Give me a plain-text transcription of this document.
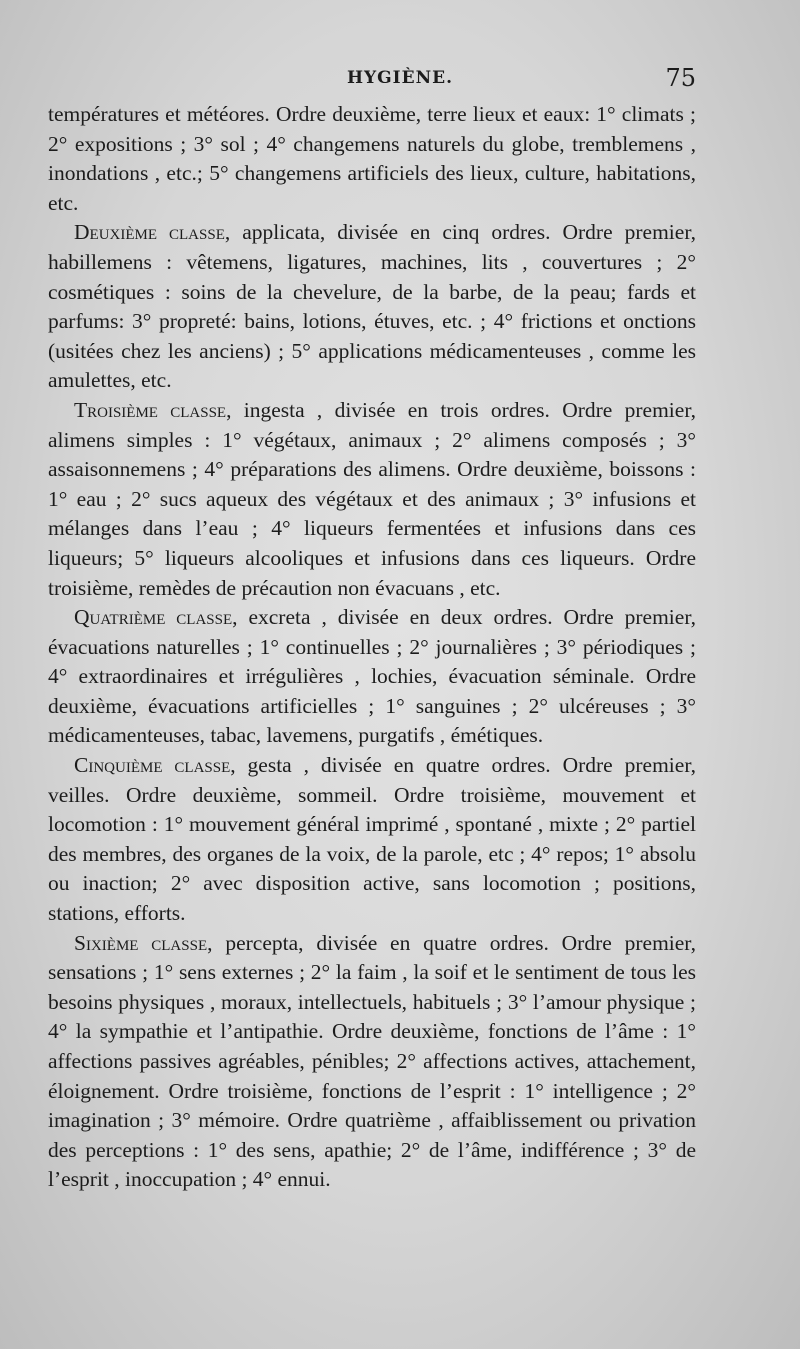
HYGIÈNE.	75

températures et météores. Ordre deuxième, terre lieux et eaux: 1° climats ; 2° expositions ; 3° sol ; 4° changemens naturels du globe, tremblemens , inondations , etc.; 5° changemens artificiels des lieux, culture, habitations, etc.

Deuxième classe, applicata, divisée en cinq ordres. Ordre premier, habillemens : vêtemens, ligatures, machines, lits , couvertures ; 2° cosmétiques : soins de la chevelure, de la barbe, de la peau; fards et parfums: 3° propreté: bains, lotions, étuves, etc. ; 4° frictions et onctions (usitées chez les anciens) ; 5° applications médicamenteuses , comme les amulettes, etc.

Troisième classe, ingesta , divisée en trois ordres. Ordre premier, alimens simples : 1° végétaux, animaux ; 2° alimens composés ; 3° assaisonnemens ; 4° préparations des alimens. Ordre deuxième, boissons : 1° eau ; 2° sucs aqueux des végétaux et des animaux ; 3° infusions et mélanges dans l’eau ; 4° liqueurs fermentées et infusions dans ces liqueurs; 5° liqueurs alcooliques et infusions dans ces liqueurs. Ordre troisième, remèdes de précaution non évacuans , etc.

Quatrième classe, excreta , divisée en deux ordres. Ordre premier, évacuations naturelles ; 1° continuelles ; 2° journalières ; 3° périodiques ; 4° extraordinaires et irrégulières , lochies, évacuation séminale. Ordre deuxième, évacuations artificielles ; 1° sanguines ; 2° ulcéreuses ; 3° médicamenteuses, tabac, lavemens, purgatifs , émétiques.

Cinquième classe, gesta , divisée en quatre ordres. Ordre premier, veilles. Ordre deuxième, sommeil. Ordre troisième, mouvement et locomotion : 1° mouvement général imprimé , spontané , mixte ; 2° partiel des membres, des organes de la voix, de la parole, etc ; 4° repos; 1° absolu ou inaction; 2° avec disposition active, sans locomotion ; positions, stations, efforts.

Sixième classe, percepta, divisée en quatre ordres. Ordre premier, sensations ; 1° sens externes ; 2° la faim , la soif et le sentiment de tous les besoins physiques , moraux, intellectuels, habituels ; 3° l’amour physique ; 4° la sympathie et l’antipathie. Ordre deuxième, fonctions de l’âme : 1° affections passives agréables, pénibles; 2° affections actives, attachement, éloignement. Ordre troisième, fonctions de l’esprit : 1° intelligence ; 2° imagination ; 3° mémoire. Ordre quatrième , affaiblissement ou privation des perceptions : 1° des sens, apathie; 2° de l’âme, indifférence ; 3° de l’esprit , inoccupation ; 4° ennui.
